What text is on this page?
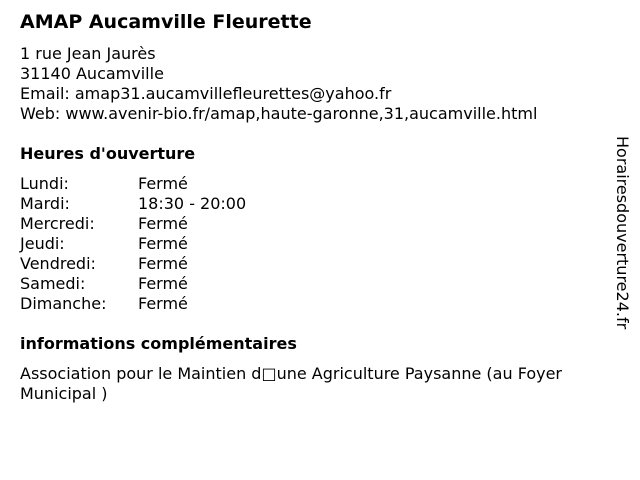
AMAP Aucamville Fleurette
1 rue Jean Jaurès
31140 Aucamville
Email: amap31.aucamvillefleurettes@yahoo.fr
Web: www.avenir-bio.fr/amap,haute-garonne,31,aucamville.html
Heures d'ouverture
Lundi:	Fermé
Mardi:	18:30 - 20:00
Mercredi:	Fermé
Jeudi:	Fermé
Vendredi:	Fermé
Samedi:	Fermé
Dimanche: Fermé
informations complémentaires
Association pour le Maintien d□une Agriculture Paysanne (au Foyer Municipal )
Horairesdouverture24.fr
